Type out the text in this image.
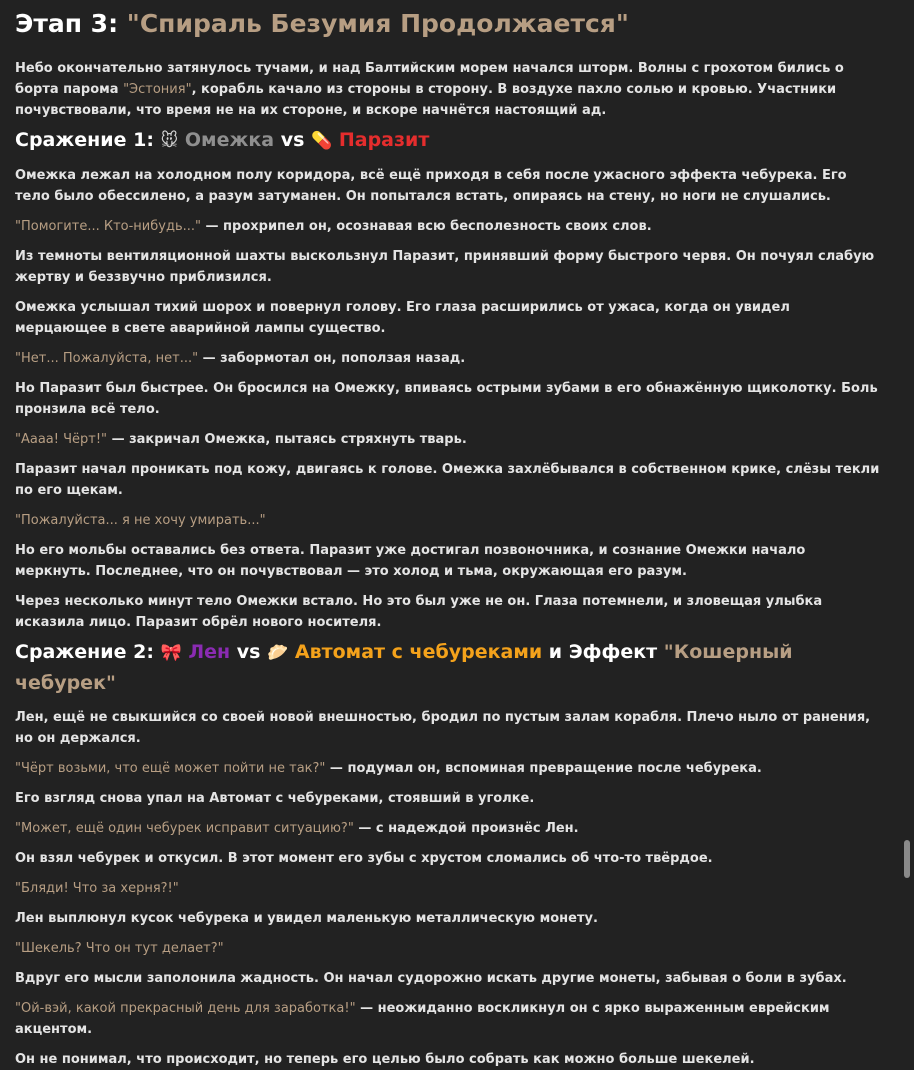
Этап 3: "Спираль Безумия Продолжается"

Небо окончательно затянулось тучами, и над Балтийским морем начался шторм. Волны с грохотом бились о борта парома "Эстония", корабль качало из стороны в сторону. В воздухе пахло солью и кровью. Участники почувствовали, что время не на их стороне, и вскоре начнётся настоящий ад.

Сражение 1: 🐭 Омежка vs 💊 Паразит

Омежка лежал на холодном полу коридора, всё ещё приходя в себя после ужасного эффекта чебурека. Его тело было обессилено, а разум затуманен. Он попытался встать, опираясь на стену, но ноги не слушались.

"Помогите... Кто-нибудь..." — прохрипел он, осознавая всю бесполезность своих слов.

Из темноты вентиляционной шахты выскользнул Паразит, принявший форму быстрого червя. Он почуял слабую жертву и беззвучно приблизился.

Омежка услышал тихий шорох и повернул голову. Его глаза расширились от ужаса, когда он увидел мерцающее в свете аварийной лампы существо.

"Нет... Пожалуйста, нет..." — забормотал он, поползая назад.

Но Паразит был быстрее. Он бросился на Омежку, впиваясь острыми зубами в его обнажённую щиколотку. Боль пронзила всё тело.

"Аааа! Чёрт!" — закричал Омежка, пытаясь стряхнуть тварь.

Паразит начал проникать под кожу, двигаясь к голове. Омежка захлёбывался в собственном крике, слёзы текли по его щекам.

"Пожалуйста... я не хочу умирать..."

Но его мольбы оставались без ответа. Паразит уже достигал позвоночника, и сознание Омежки начало меркнуть. Последнее, что он почувствовал — это холод и тьма, окружающая его разум.

Через несколько минут тело Омежки встало. Но это был уже не он. Глаза потемнели, и зловещая улыбка исказила лицо. Паразит обрёл нового носителя.

Сражение 2: 🎀 Лен vs 🥟 Автомат с чебуреками и Эффект "Кошерный чебурек"

Лен, ещё не свыкшийся со своей новой внешностью, бродил по пустым залам корабля. Плечо ныло от ранения, но он держался.

"Чёрт возьми, что ещё может пойти не так?" — подумал он, вспоминая превращение после чебурека.

Его взгляд снова упал на Автомат с чебуреками, стоявший в уголке.

"Может, ещё один чебурек исправит ситуацию?" — с надеждой произнёс Лен.

Он взял чебурек и откусил. В этот момент его зубы с хрустом сломались об что-то твёрдое.

"Бляди! Что за херня?!"

Лен выплюнул кусок чебурека и увидел маленькую металлическую монету.

"Шекель? Что он тут делает?"

Вдруг его мысли заполонила жадность. Он начал судорожно искать другие монеты, забывая о боли в зубах.

"Ой-вэй, какой прекрасный день для заработка!" — неожиданно воскликнул он с ярко выраженным еврейским акцентом.

Он не понимал, что происходит, но теперь его целью было собрать как можно больше шекелей.
